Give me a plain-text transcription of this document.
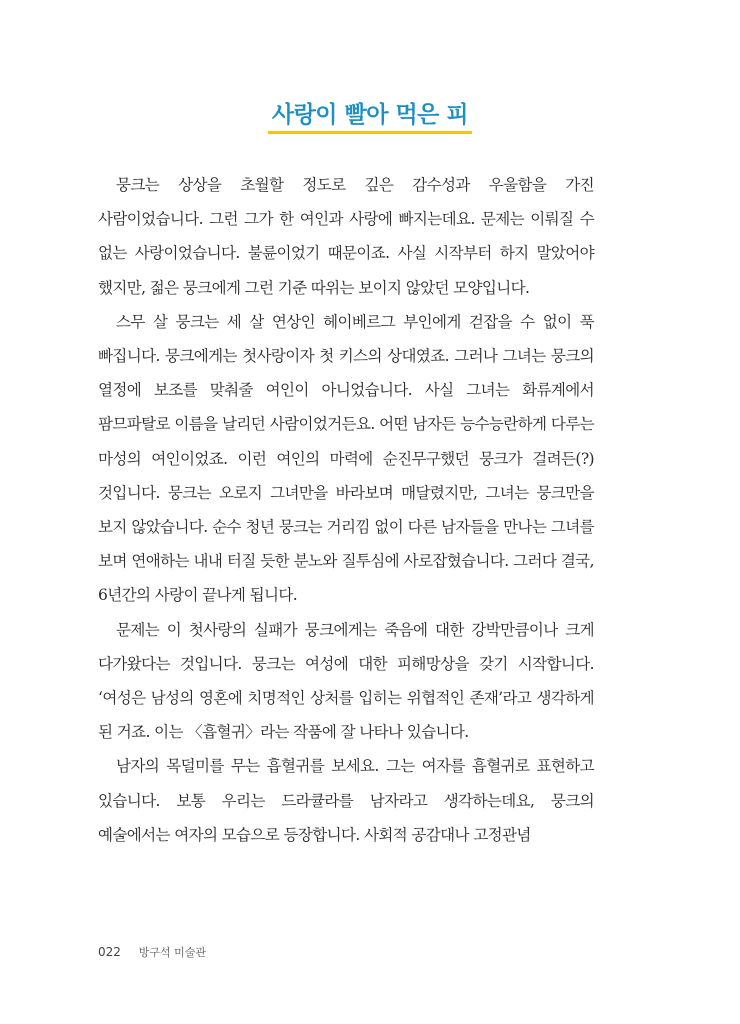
사랑이 빨아 먹은 피

뭉크는 상상을 초월할 정도로 깊은 감수성과 우울함을 가진 사람이었습니다. 그런 그가 한 여인과 사랑에 빠지는데요. 문제는 이뤄질 수 없는 사랑이었습니다. 불륜이었기 때문이죠. 사실 시작부터 하지 말았어야 했지만, 젊은 뭉크에게 그런 기준 따위는 보이지 않았던 모양입니다.

스무 살 뭉크는 세 살 연상인 헤이베르그 부인에게 걷잡을 수 없이 푹 빠집니다. 뭉크에게는 첫사랑이자 첫 키스의 상대였죠. 그러나 그녀는 뭉크의 열정에 보조를 맞춰줄 여인이 아니었습니다. 사실 그녀는 화류계에서 팜므파탈로 이름을 날리던 사람이었거든요. 어떤 남자든 능수능란하게 다루는 마성의 여인이었죠. 이런 여인의 마력에 순진무구했던 뭉크가 걸려든(?) 것입니다. 뭉크는 오로지 그녀만을 바라보며 매달렸지만, 그녀는 뭉크만을 보지 않았습니다. 순수 청년 뭉크는 거리낌 없이 다른 남자들을 만나는 그녀를 보며 연애하는 내내 터질 듯한 분노와 질투심에 사로잡혔습니다. 그러다 결국, 6년간의 사랑이 끝나게 됩니다.

문제는 이 첫사랑의 실패가 뭉크에게는 죽음에 대한 강박만큼이나 크게 다가왔다는 것입니다. 뭉크는 여성에 대한 피해망상을 갖기 시작합니다. ‘여성은 남성의 영혼에 치명적인 상처를 입히는 위협적인 존재’라고 생각하게 된 거죠. 이는 〈흡혈귀〉라는 작품에 잘 나타나 있습니다.

남자의 목덜미를 무는 흡혈귀를 보세요. 그는 여자를 흡혈귀로 표현하고 있습니다. 보통 우리는 드라큘라를 남자라고 생각하는데요, 뭉크의 예술에서는 여자의 모습으로 등장합니다. 사회적 공감대나 고정관념

022 방구석 미술관
